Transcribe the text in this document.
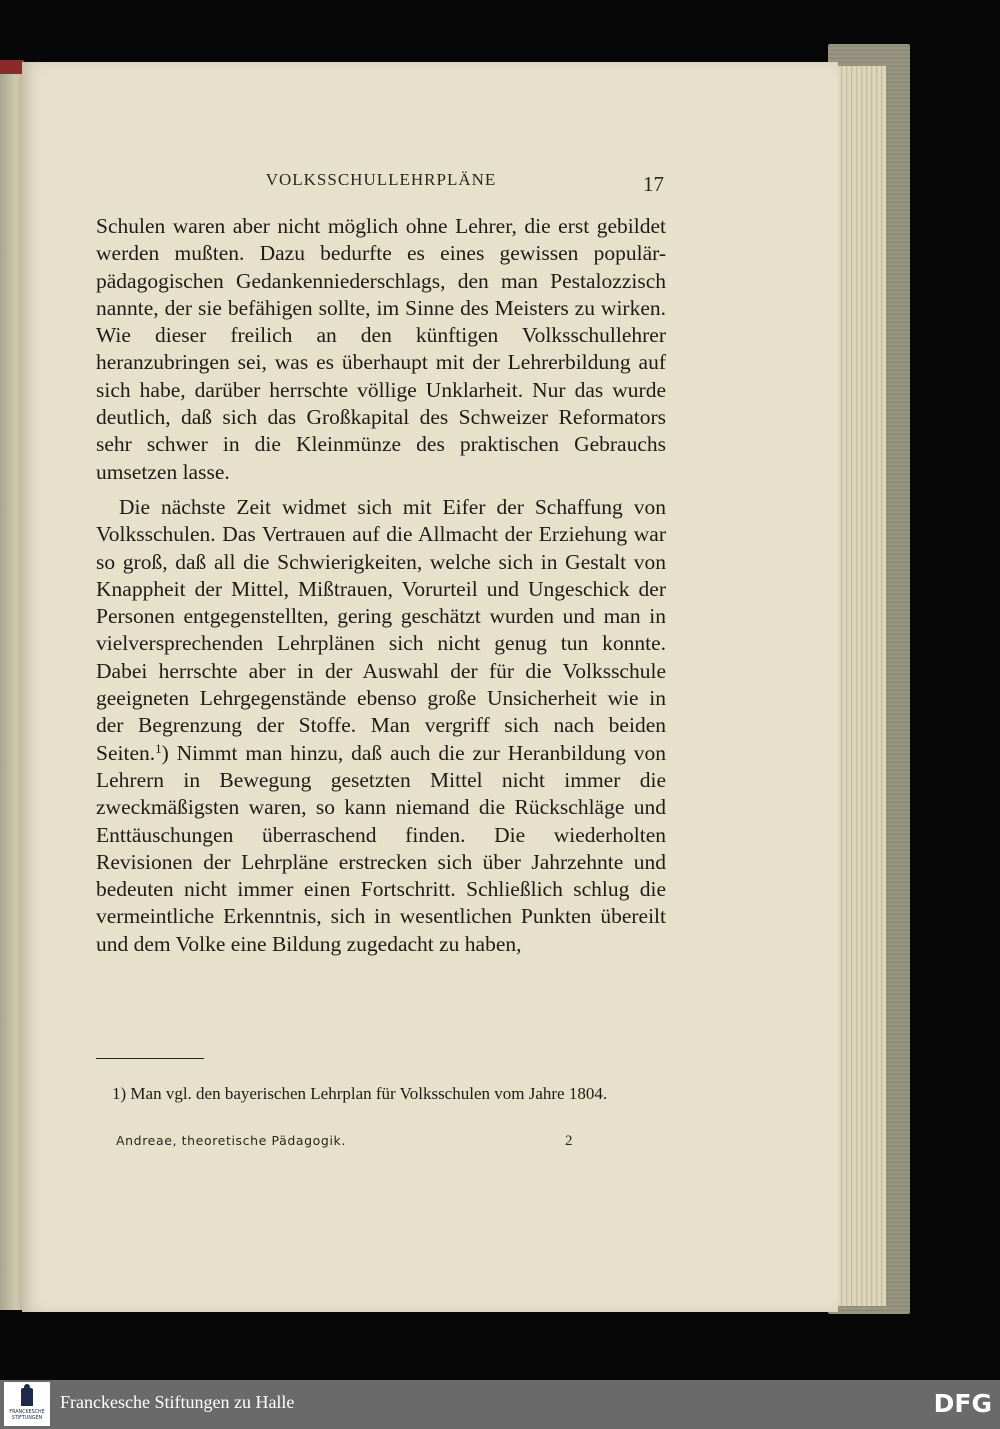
VOLKSSCHULLEHRPLÄNE	17

Schulen waren aber nicht möglich ohne Lehrer, die erst gebildet werden mußten. Dazu bedurfte es eines gewissen populär-pädagogischen Gedankenniederschlags, den man Pestalozzisch nannte, der sie befähigen sollte, im Sinne des Meisters zu wirken. Wie dieser freilich an den künftigen Volksschullehrer heranzubringen sei, was es überhaupt mit der Lehrerbildung auf sich habe, darüber herrschte völlige Unklarheit. Nur das wurde deutlich, daß sich das Großkapital des Schweizer Reformators sehr schwer in die Kleinmünze des praktischen Gebrauchs umsetzen lasse.

Die nächste Zeit widmet sich mit Eifer der Schaffung von Volksschulen. Das Vertrauen auf die Allmacht der Erziehung war so groß, daß all die Schwierigkeiten, welche sich in Gestalt von Knappheit der Mittel, Mißtrauen, Vorurteil und Ungeschick der Personen entgegenstellten, gering geschätzt wurden und man in vielversprechenden Lehrplänen sich nicht genug tun konnte. Dabei herrschte aber in der Auswahl der für die Volksschule geeigneten Lehrgegenstände ebenso große Unsicherheit wie in der Begrenzung der Stoffe. Man vergriff sich nach beiden Seiten.$^1$) Nimmt man hinzu, daß auch die zur Heranbildung von Lehrern in Bewegung gesetzten Mittel nicht immer die zweckmäßigsten waren, so kann niemand die Rückschläge und Enttäuschungen überraschend finden. Die wiederholten Revisionen der Lehrpläne erstrecken sich über Jahrzehnte und bedeuten nicht immer einen Fortschritt. Schließlich schlug die vermeintliche Erkenntnis, sich in wesentlichen Punkten übereilt und dem Volke eine Bildung zugedacht zu haben,

1) Man vgl. den bayerischen Lehrplan für Volksschulen vom Jahre 1804.

Andreae, theoretische Pädagogik.	2
FRANCKESCHE STIFTUNGEN
Franckesche Stiftungen zu Halle	DFG
